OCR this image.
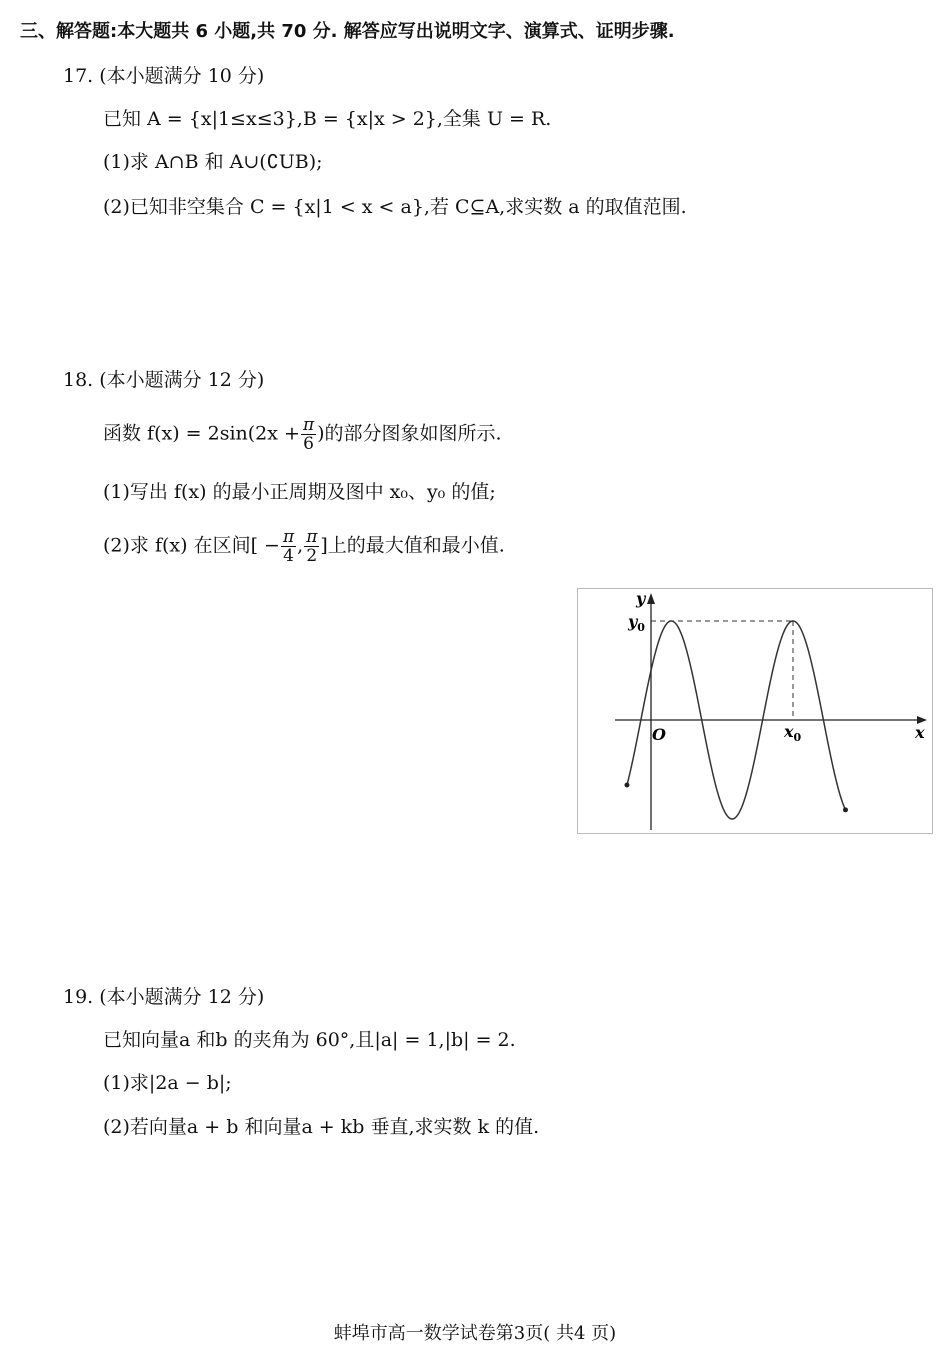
三、解答题:本大题共 6 小题,共 70 分. 解答应写出说明文字、演算式、证明步骤.
17. (本小题满分 10 分)
已知 A = {x|1≤x≤3},B = {x|x > 2},全集 U = R.
(1)求 A∩B 和 A∪(∁UB);
(2)已知非空集合 C = {x|1 < x < a},若 C⊆A,求实数 a 的取值范围.
18. (本小题满分 12 分)
函数 $f(x) = 2\sin(2x + \frac{\pi}{6}$ )的部分图象如图所示.
(1)写出 f(x) 的最小正周期及图中 x₀、y₀ 的值;
(2)求 f(x) 在区间[ − $\frac{\pi}{4}$ , $\frac{\pi}{2}$ ]上的最大值和最小值.
y
$y_0$
O	$x_0$	x
19. (本小题满分 12 分)
已知向量a 和b 的夹角为 60°,且|a| = 1,|b| = 2.
(1)求|2a − b|;
(2)若向量a + b 和向量a + kb 垂直,求实数 k 的值.
蚌埠市高一数学试卷第3页( 共4 页)
